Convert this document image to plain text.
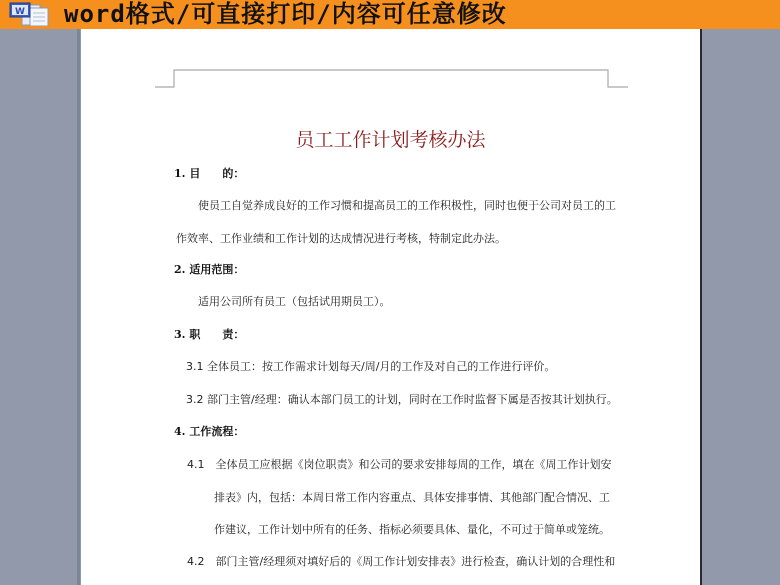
W word格式/可直接打印/内容可任意修改
员工工作计划考核办法
1. 目　　的：
使员工自觉养成良好的工作习惯和提高员工的工作积极性，同时也便于公司对员工的工
作效率、工作业绩和工作计划的达成情况进行考核，特制定此办法。
2. 适用范围：
适用公司所有员工（包括试用期员工）。
3. 职　　责：
3.1 全体员工：按工作需求计划每天/周/月的工作及对自己的工作进行评价。
3.2 部门主管/经理：确认本部门员工的计划，同时在工作时监督下属是否按其计划执行。
4. 工作流程：
4.1　全体员工应根据《岗位职责》和公司的要求安排每周的工作，填在《周工作计划安
排表》内，包括：本周日常工作内容重点、具体安排事情、其他部门配合情况、工
作建议，工作计划中所有的任务、指标必须要具体、量化，不可过于简单或笼统。
4.2　部门主管/经理须对填好后的《周工作计划安排表》进行检查，确认计划的合理性和
